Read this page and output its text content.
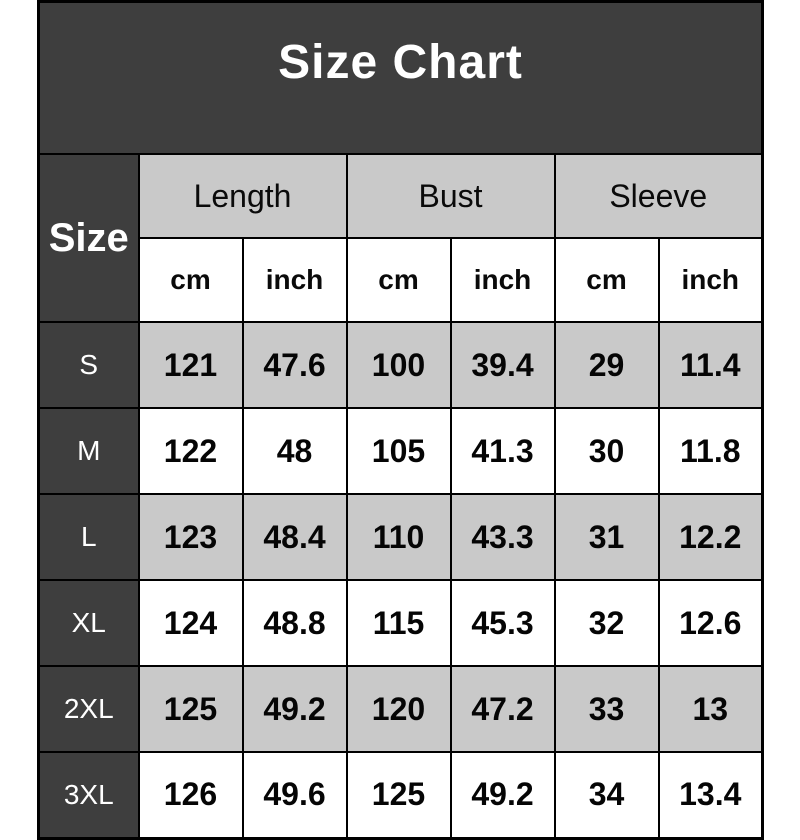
Size Chart						
Size	Length		Bust		Sleeve	
	cm	inch	cm	inch	cm	inch
S	121	47.6	100	39.4	29	11.4
M	122	48	105	41.3	30	11.8
L	123	48.4	110	43.3	31	12.2
XL	124	48.8	115	45.3	32	12.6
2XL	125	49.2	120	47.2	33	13
3XL	126	49.6	125	49.2	34	13.4
